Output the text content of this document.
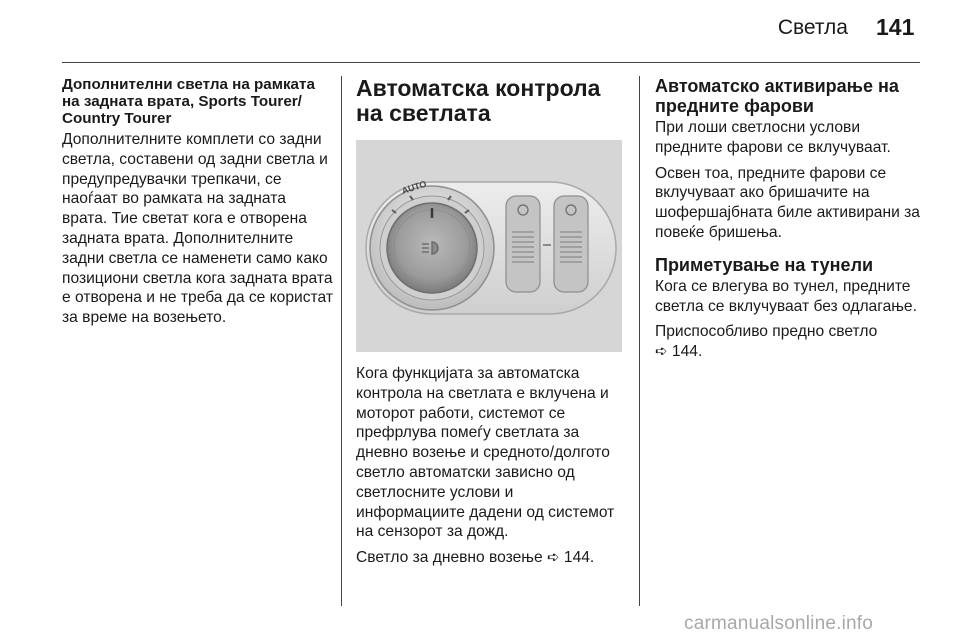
Светла 141
Дополнителни светла на рамката на задната врата, Sports Tourer/ Country Tourer

Дополнителните комплети со задни светла, составени од задни светла и предупредувачки трепкачи, се наоѓаат во рамката на задната врата. Тие светат кога е отворена задната врата. Дополнителните задни светла се наменети само како позициони светла кога задната врата е отворена и не треба да се користат за време на возењето.

Автоматска контрола на светлата
AUTO

Кога функцијата за автоматска контрола на светлата е вклучена и моторот работи, системот се префрлува помеѓу светлата за дневно возење и средното/долгото светло автоматски зависно од светлосните услови и информациите дадени од системот на сензорот за дожд.

Светло за дневно возење ➪ 144.

Автоматско активирање на предните фарови

При лоши светлосни услови предните фарови се вклучуваат.

Освен тоа, предните фарови се вклучуваат ако бришачите на шофершајбната биле активирани за повеќе бришења.

Приметување на тунели

Кога се влегува во тунел, предните светла се вклучуваат без одлагање.

Приспособливо предно светло
➪ 144.

carmanualsonline.info
